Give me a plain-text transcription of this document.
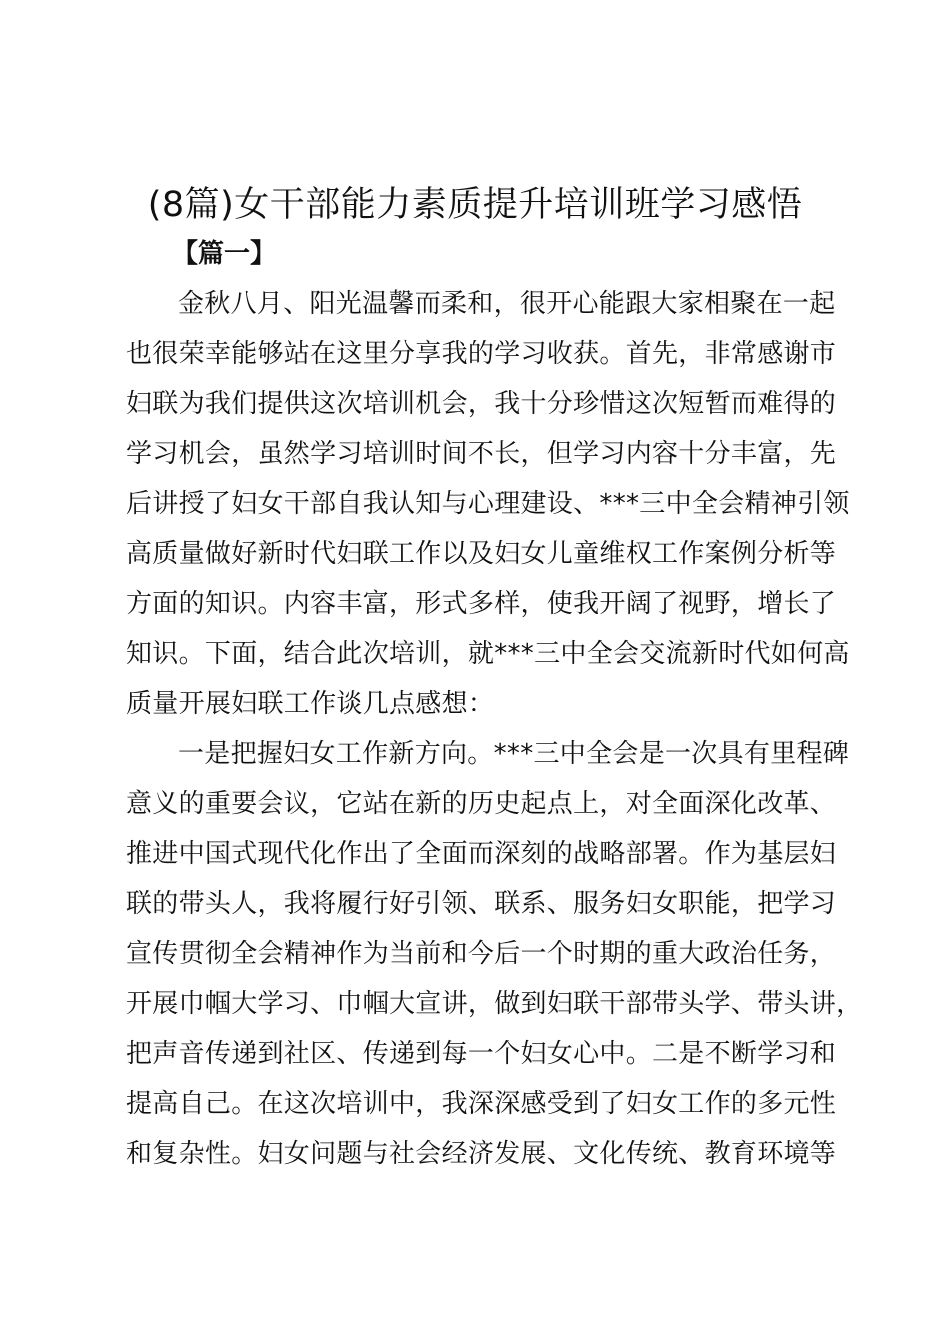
(8篇)女干部能力素质提升培训班学习感悟
【篇一】
金秋八月、阳光温馨而柔和，很开心能跟大家相聚在一起
也很荣幸能够站在这里分享我的学习收获。首先，非常感谢市
妇联为我们提供这次培训机会，我十分珍惜这次短暂而难得的
学习机会，虽然学习培训时间不长，但学习内容十分丰富，先
后讲授了妇女干部自我认知与心理建设、***三中全会精神引领
高质量做好新时代妇联工作以及妇女儿童维权工作案例分析等
方面的知识。内容丰富，形式多样，使我开阔了视野，增长了
知识。下面，结合此次培训，就***三中全会交流新时代如何高
质量开展妇联工作谈几点感想：
一是把握妇女工作新方向。***三中全会是一次具有里程碑
意义的重要会议，它站在新的历史起点上，对全面深化改革、
推进中国式现代化作出了全面而深刻的战略部署。作为基层妇
联的带头人，我将履行好引领、联系、服务妇女职能，把学习
宣传贯彻全会精神作为当前和今后一个时期的重大政治任务，
开展巾帼大学习、巾帼大宣讲，做到妇联干部带头学、带头讲，
把声音传递到社区、传递到每一个妇女心中。二是不断学习和
提高自己。在这次培训中，我深深感受到了妇女工作的多元性
和复杂性。妇女问题与社会经济发展、文化传统、教育环境等
